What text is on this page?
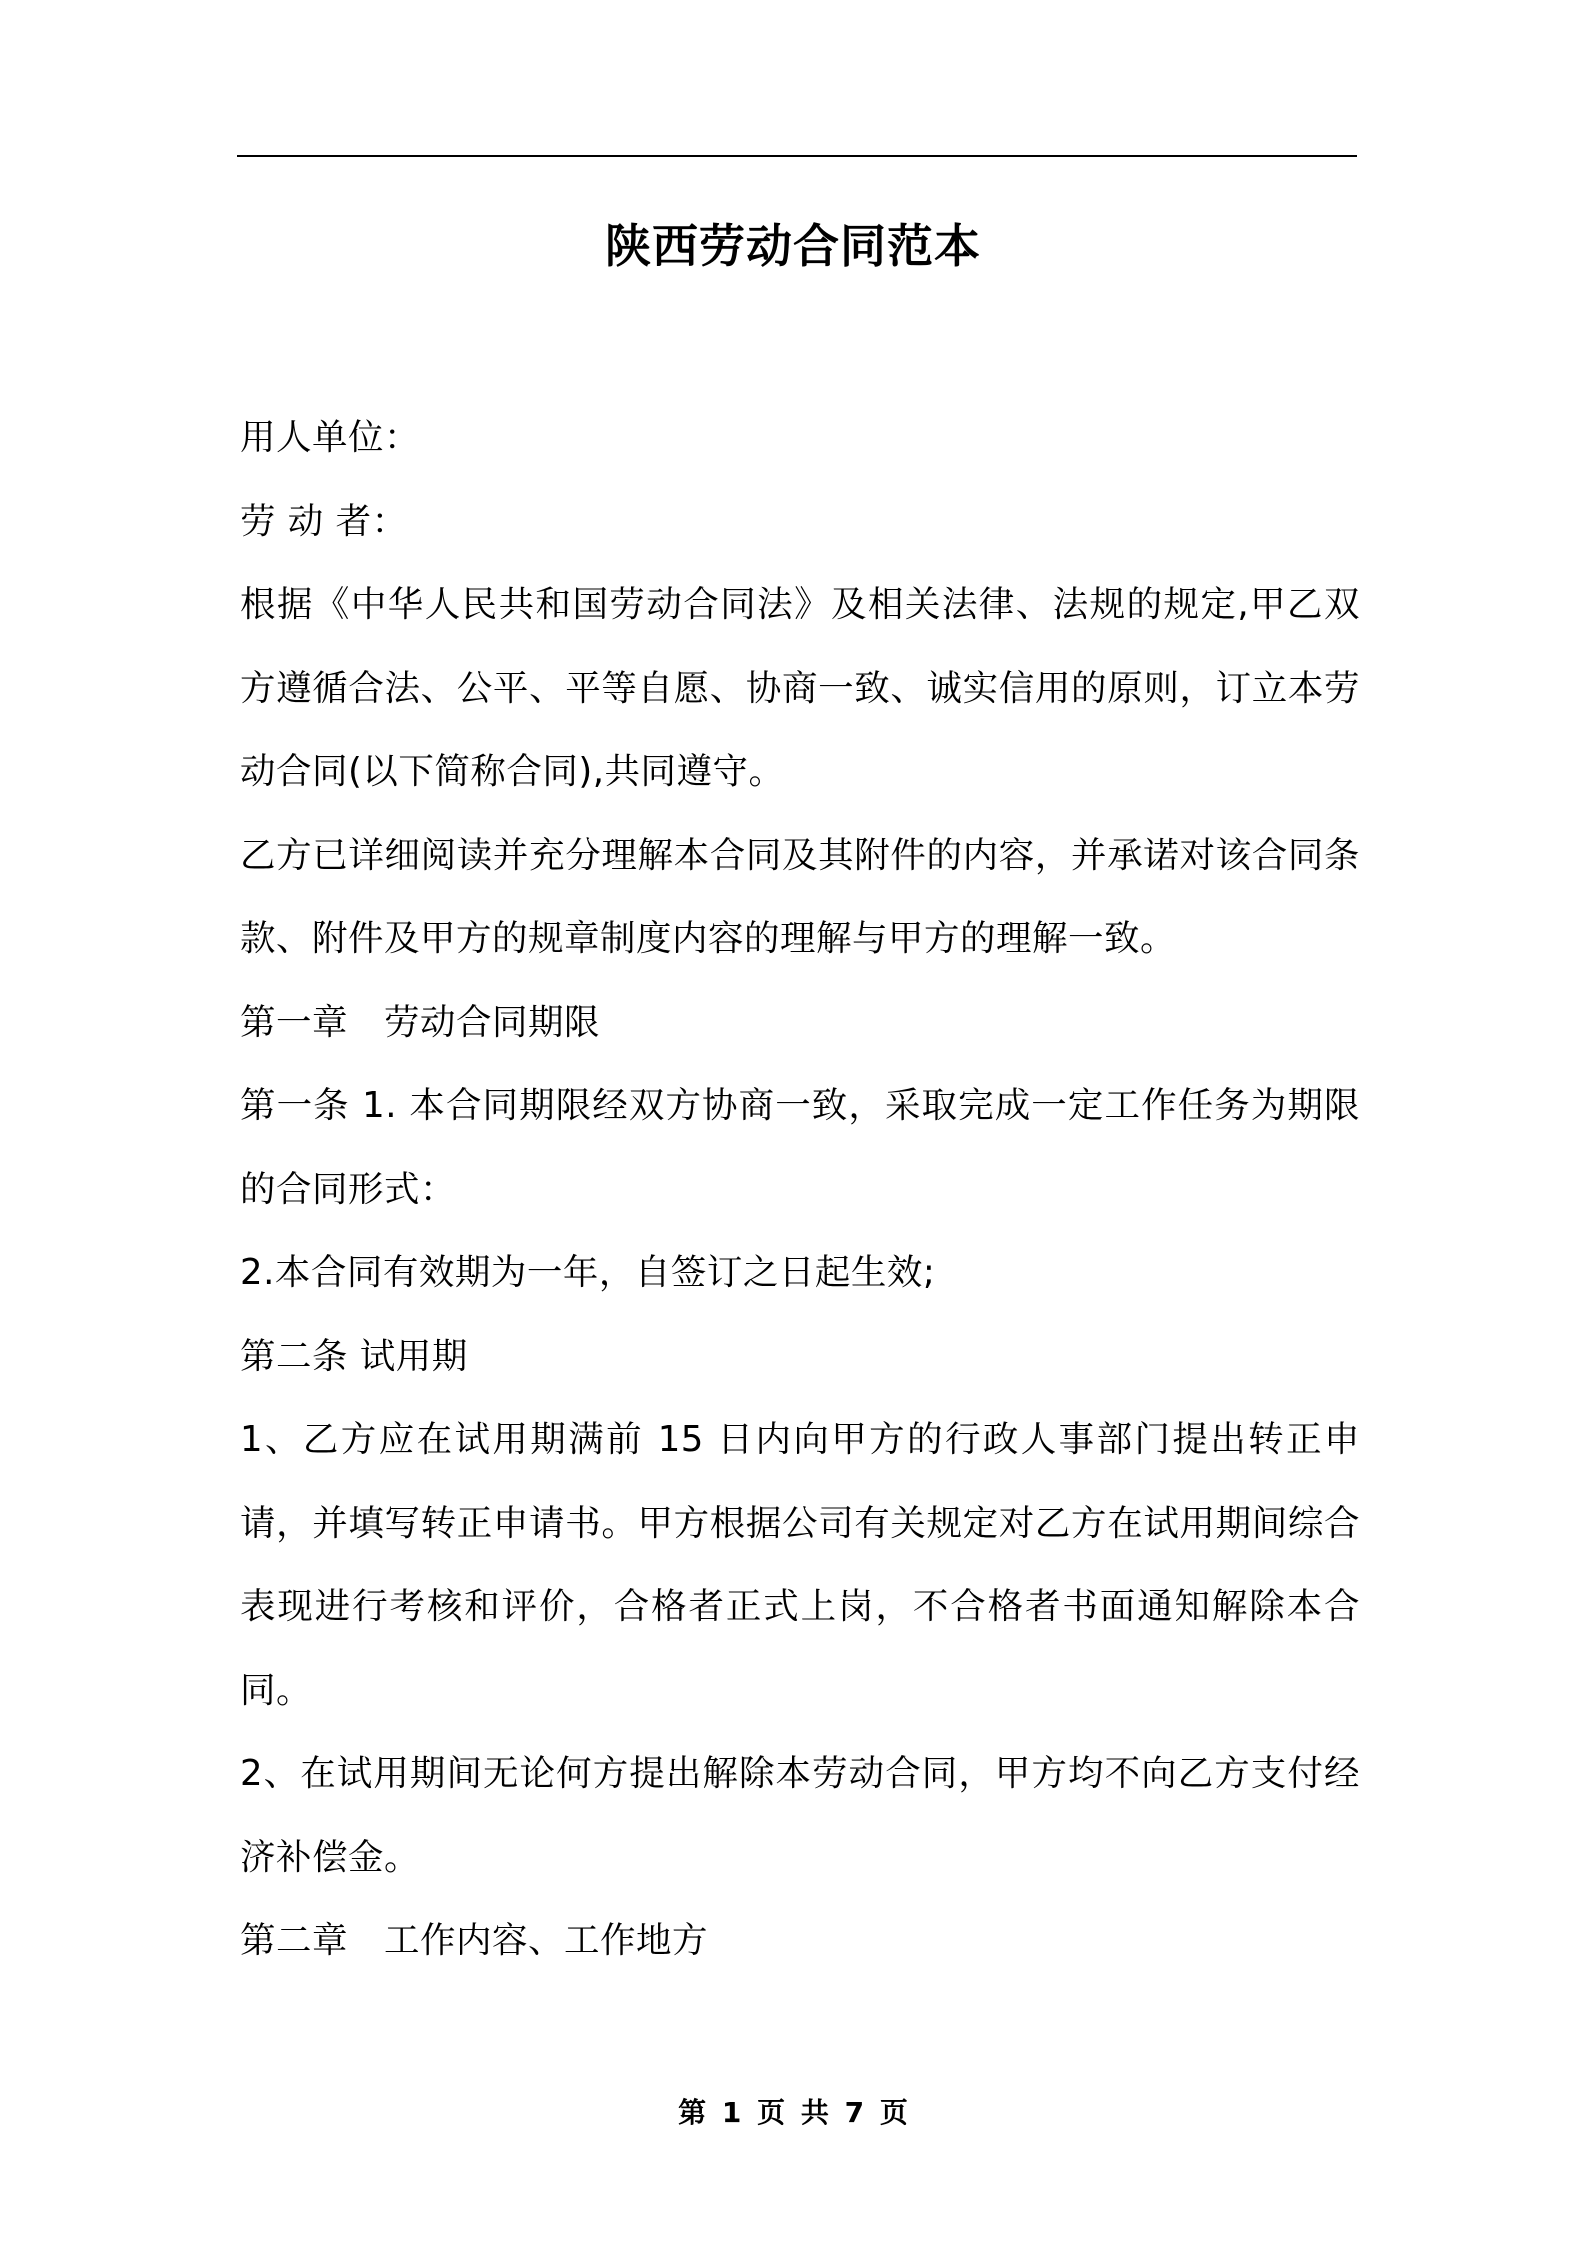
陕西劳动合同范本

用人单位：

劳 动 者：

根据《中华人民共和国劳动合同法》及相关法律、法规的规定,甲乙双方遵循合法、公平、平等自愿、协商一致、诚实信用的原则，订立本劳动合同(以下简称合同),共同遵守。

乙方已详细阅读并充分理解本合同及其附件的内容，并承诺对该合同条款、附件及甲方的规章制度内容的理解与甲方的理解一致。

第一章　劳动合同期限

第一条 1. 本合同期限经双方协商一致，采取完成一定工作任务为期限的合同形式：

2.本合同有效期为一年，自签订之日起生效;

第二条 试用期

1、乙方应在试用期满前 15 日内向甲方的行政人事部门提出转正申请，并填写转正申请书。甲方根据公司有关规定对乙方在试用期间综合表现进行考核和评价，合格者正式上岗，不合格者书面通知解除本合同。

2、在试用期间无论何方提出解除本劳动合同，甲方均不向乙方支付经济补偿金。

第二章　工作内容、工作地方

第 1 页 共 7 页
